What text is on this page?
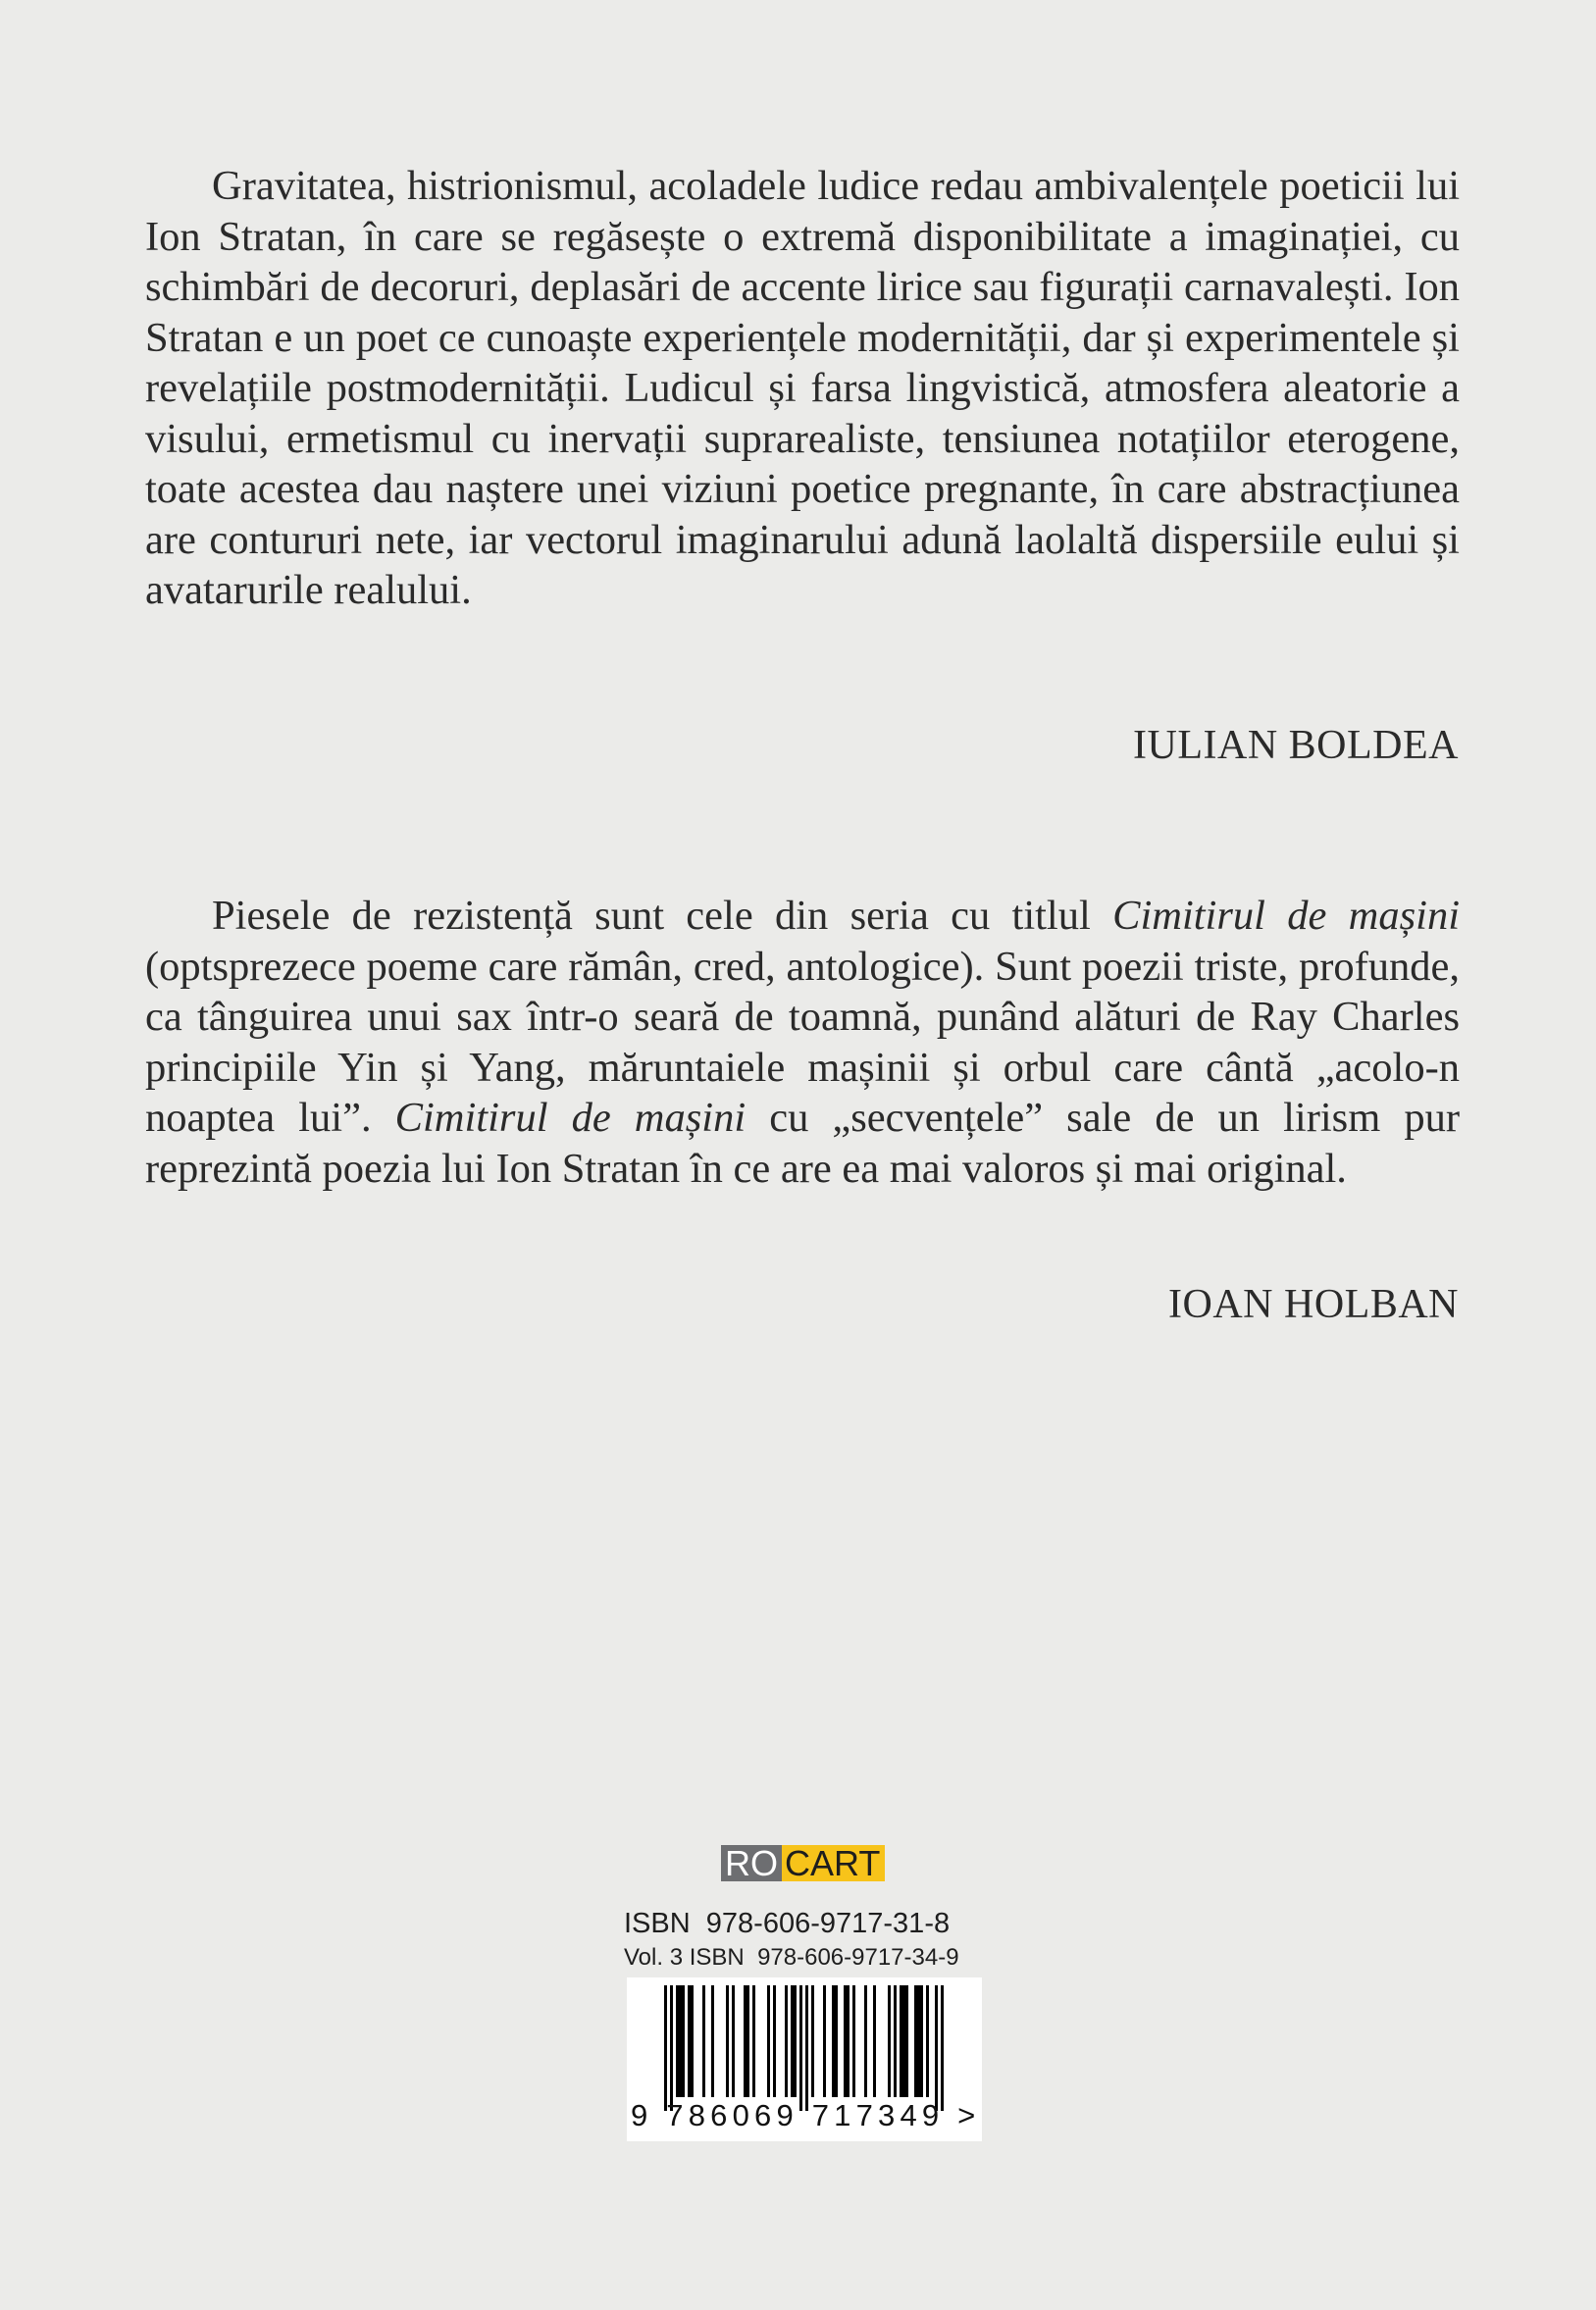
Gravitatea, histrionismul, acoladele ludice redau ambivalențele poeticii lui Ion Stratan, în care se regăsește o extremă disponibilitate a imaginației, cu schimbări de decoruri, deplasări de accente lirice sau figurații carnavalești. Ion Stratan e un poet ce cunoaște experiențele modernității, dar și experimentele și revelațiile postmodernității. Ludicul și farsa lingvistică, atmosfera aleatorie a visului, ermetismul cu inervații suprarealiste, tensiunea notațiilor eterogene, toate acestea dau naștere unei viziuni poetice pregnante, în care abstracțiunea are contururi nete, iar vectorul imaginarului adună laolaltă dispersiile eului și avatarurile realului.

IULIAN BOLDEA

Piesele de rezistență sunt cele din seria cu titlul Cimitirul de mașini (optsprezece poeme care rămân, cred, antologice). Sunt poezii triste, profunde, ca tânguirea unui sax într-o seară de toamnă, punând alături de Ray Charles principiile Yin și Yang, măruntaiele mașinii și orbul care cântă „acolo-n noaptea lui”. Cimitirul de mașini cu „secvențele” sale de un lirism pur reprezintă poezia lui Ion Stratan în ce are ea mai valoros și mai original.

IOAN HOLBAN
RO CART
ISBN  978-606-9717-31-8
Vol. 3 ISBN  978-606-9717-34-9
9 786069 717349 >
